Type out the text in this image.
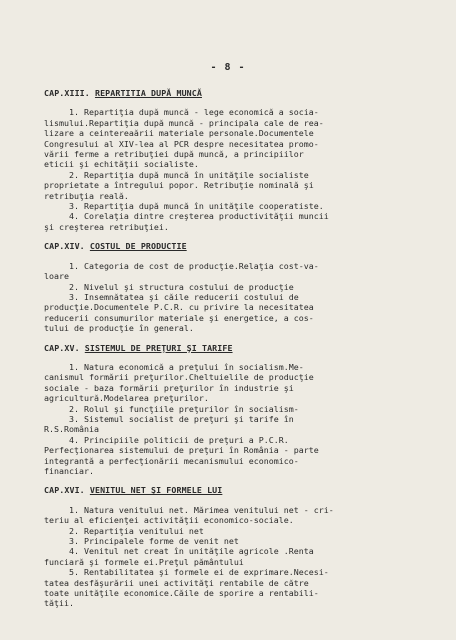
- 8 -
CAP.XIII. REPARTITIA DUPĂ MUNCĂ
1. Repartiţia după muncă - lege economică a socia-
lismului.Repartiţia după muncă - principala cale de rea-
lizare a ceintereaării materiale personale.Documentele
Congresului al XIV-lea al PCR despre necesitatea promo-
vării ferme a retribuţiei după muncă, a principiilor
eticii şi echităţii socialiste.
2. Repartiţia după muncă în unităţile socialiste
proprietate a întregului popor. Retribuţie nominală şi
retribuţia reală.
3. Repartiţia după muncă în unităţile cooperatiste.
4. Corelaţia dintre creşterea productivităţii muncii
şi creşterea retribuţiei.
CAP.XIV. COSTUL DE PRODUCTIE
1. Categoria de cost de producţie.Relaţia cost-va-
loare
2. Nivelul şi structura costului de producţie
3. Insemnătatea şi căile reducerii costului de
producţie.Documentele P.C.R. cu privire la necesitatea
reducerii consumurilor materiale şi energetice, a cos-
tului de producţie în general.
CAP.XV. SISTEMUL DE PREŢURI ŞI TARIFE
1. Natura economică a preţului în socialism.Me-
canismul formării preţurilor.Cheltuielile de producţie
sociale - baza formării preţurilor în industrie şi
agricultură.Modelarea preţurilor.
2. Rolul şi funcţiile preţurilor în socialism-
3. Sistemul socialist de preţuri şi tarife în
R.S.România
4. Principiile politicii de preţuri a P.C.R.
Perfecţionarea sistemului de preţuri în România - parte
integrantă a perfecţionării mecanismului economico-
financiar.
CAP.XVI. VENITUL NET ŞI FORMELE LUI
1. Natura venitului net. Mărimea venitului net - cri-
teriu al eficienţei activităţii economico-sociale.
2. Repartiţia venitului net
3. Principalele forme de venit net
4. Venitul net creat în unităţile agricole .Renta
funciară şi formele ei.Preţul pământului
5. Rentabilitatea şi formele ei de exprimare.Necesi-
tatea desfăşurării unei activităţi rentabile de către
toate unităţile economice.Căile de sporire a rentabili-
tăţii.
